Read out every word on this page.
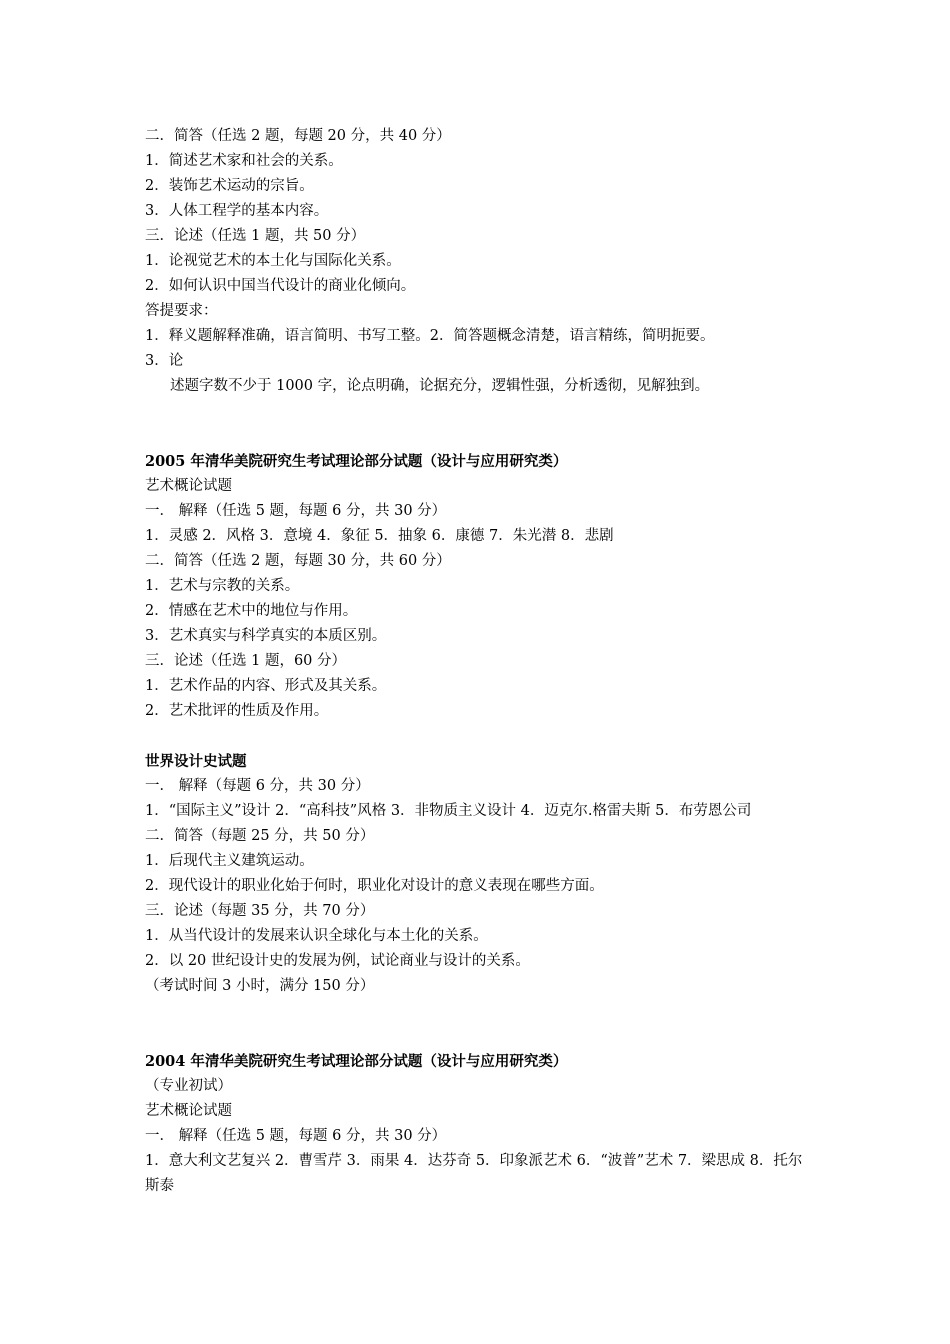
二．简答（任选 2 题，每题 20 分，共 40 分）
1．简述艺术家和社会的关系。
2．装饰艺术运动的宗旨。
3．人体工程学的基本内容。
三．论述（任选 1 题，共 50 分）
1．论视觉艺术的本土化与国际化关系。
2．如何认识中国当代设计的商业化倾向。
答提要求：
1．释义题解释准确，语言简明、书写工整。2．简答题概念清楚，语言精练，简明扼要。
3．论
述题字数不少于 1000 字，论点明确，论据充分，逻辑性强，分析透彻，见解独到。
2005 年清华美院研究生考试理论部分试题（设计与应用研究类）
艺术概论试题
一． 解释（任选 5 题，每题 6 分，共 30 分）
1．灵感 2．风格 3．意境 4．象征 5．抽象 6．康德 7．朱光潜 8．悲剧
二．简答（任选 2 题，每题 30 分，共 60 分）
1．艺术与宗教的关系。
2．情感在艺术中的地位与作用。
3．艺术真实与科学真实的本质区别。
三．论述（任选 1 题，60 分）
1．艺术作品的内容、形式及其关系。
2．艺术批评的性质及作用。
世界设计史试题
一． 解释（每题 6 分，共 30 分）
1．“国际主义”设计 2．“高科技”风格 3．非物质主义设计 4．迈克尔.格雷夫斯 5．布劳恩公司
二．简答（每题 25 分，共 50 分）
1．后现代主义建筑运动。
2．现代设计的职业化始于何时，职业化对设计的意义表现在哪些方面。
三．论述（每题 35 分，共 70 分）
1．从当代设计的发展来认识全球化与本土化的关系。
2．以 20 世纪设计史的发展为例，试论商业与设计的关系。
（考试时间 3 小时，满分 150 分）
2004 年清华美院研究生考试理论部分试题（设计与应用研究类）
（专业初试）
艺术概论试题
一． 解释（任选 5 题，每题 6 分，共 30 分）
1．意大利文艺复兴 2．曹雪芹 3．雨果 4．达芬奇 5．印象派艺术 6．“波普”艺术 7．梁思成 8．托尔斯泰
